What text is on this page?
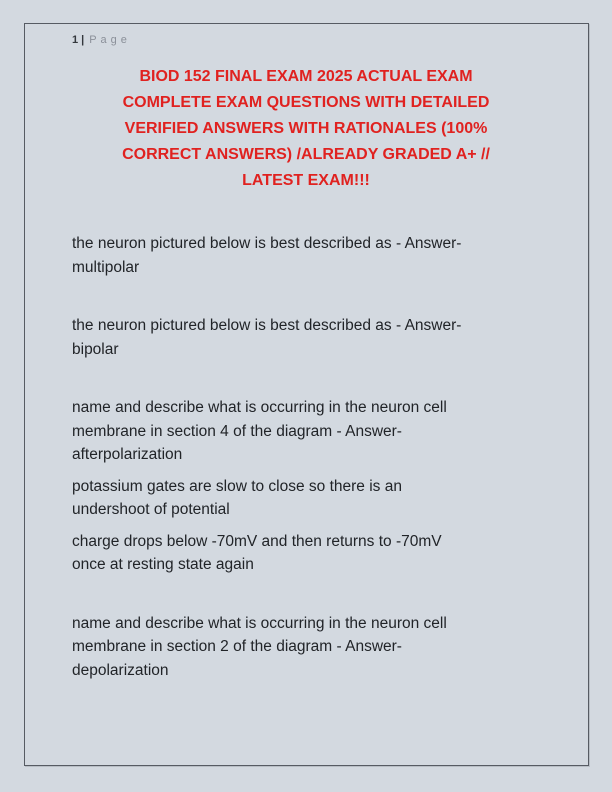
1 | Page
BIOD 152 FINAL EXAM 2025 ACTUAL EXAM
COMPLETE EXAM QUESTIONS WITH DETAILED
VERIFIED ANSWERS WITH RATIONALES (100%
CORRECT ANSWERS) /ALREADY GRADED A+ //
LATEST EXAM!!!

the neuron pictured below is best described as - Answer-
multipolar

the neuron pictured below is best described as - Answer-
bipolar

name and describe what is occurring in the neuron cell
membrane in section 4 of the diagram - Answer-
afterpolarization

potassium gates are slow to close so there is an
undershoot of potential

charge drops below -70mV and then returns to -70mV
once at resting state again

name and describe what is occurring in the neuron cell
membrane in section 2 of the diagram - Answer-
depolarization
